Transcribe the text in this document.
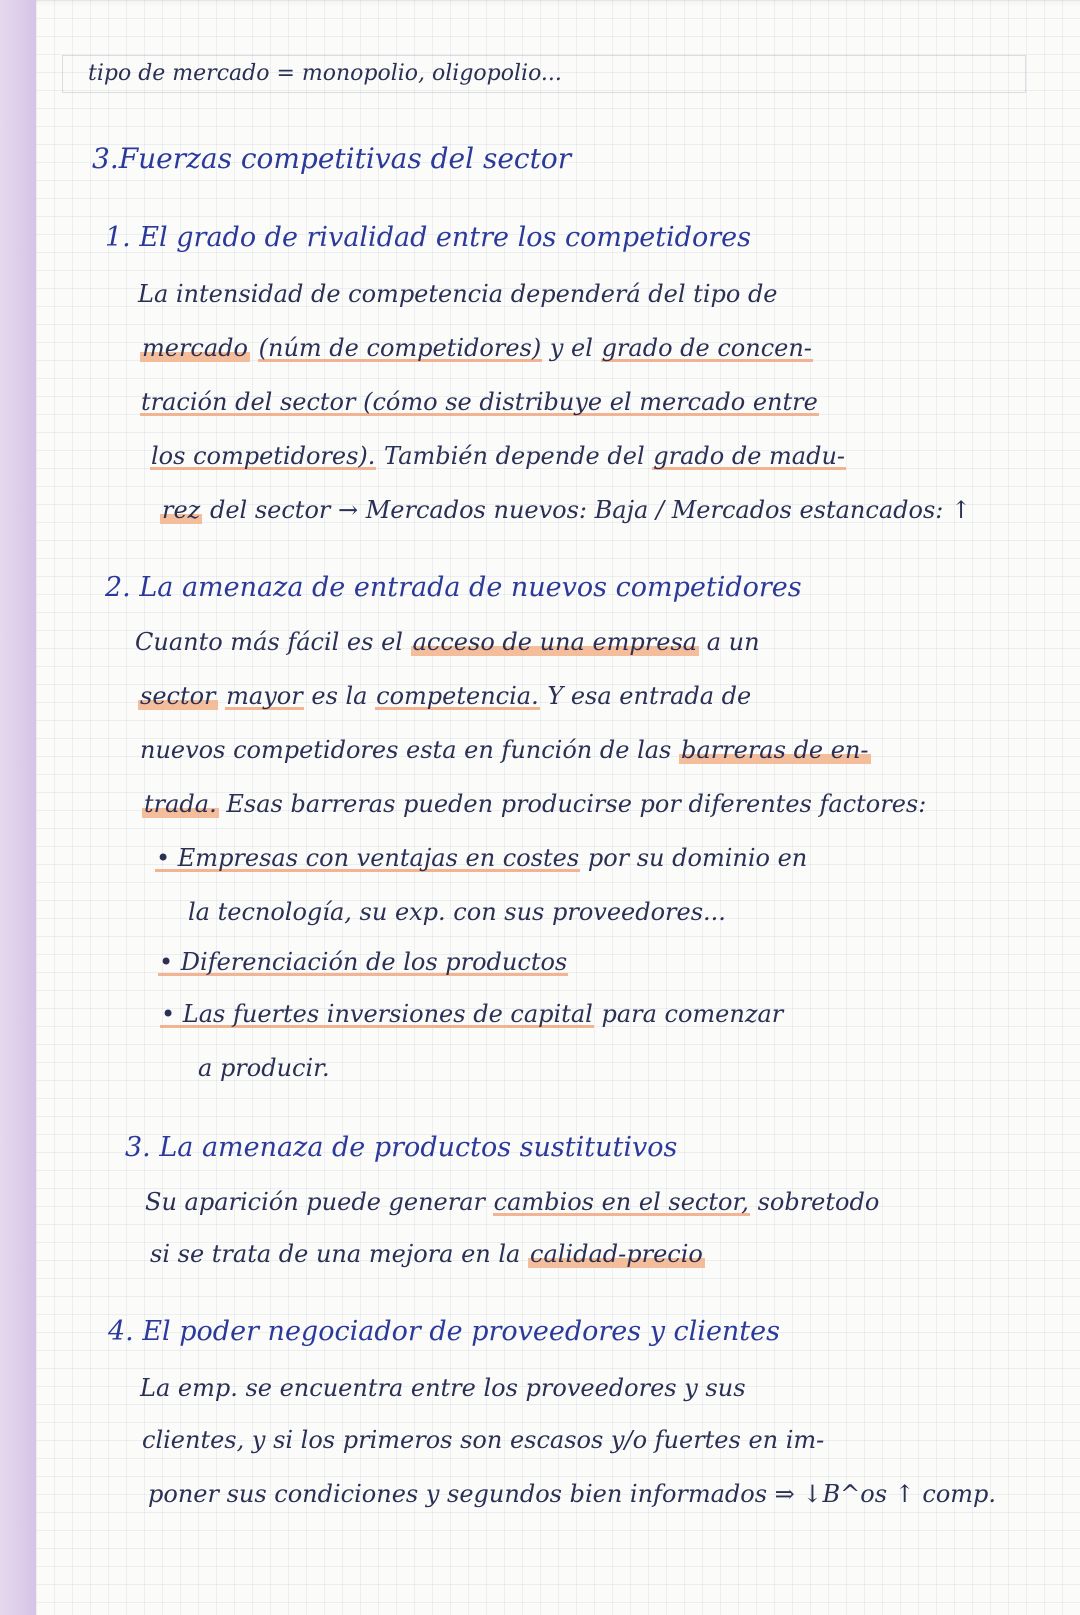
tipo de mercado = monopolio, oligopolio...
3.Fuerzas competitivas del sector
1. El grado de rivalidad entre los competidores
La intensidad de competencia dependerá del tipo de
mercado (núm de competidores) y el grado de concen-
tración del sector (cómo se distribuye el mercado entre
los competidores). También depende del grado de madu-
rez del sector → Mercados nuevos: Baja / Mercados estancados: ↑
2. La amenaza de entrada de nuevos competidores
Cuanto más fácil es el acceso de una empresa a un
sector mayor es la competencia. Y esa entrada de
nuevos competidores esta en función de las barreras de en-
trada. Esas barreras pueden producirse por diferentes factores:
• Empresas con ventajas en costes por su dominio en
la tecnología, su exp. con sus proveedores...
• Diferenciación de los productos
• Las fuertes inversiones de capital para comenzar
a producir.
3. La amenaza de productos sustitutivos
Su aparición puede generar cambios en el sector, sobretodo
si se trata de una mejora en la calidad-precio
4. El poder negociador de proveedores y clientes
La emp. se encuentra entre los proveedores y sus
clientes, y si los primeros son escasos y/o fuertes en im-
poner sus condiciones y segundos bien informados ⇒ ↓B^os ↑ comp.
